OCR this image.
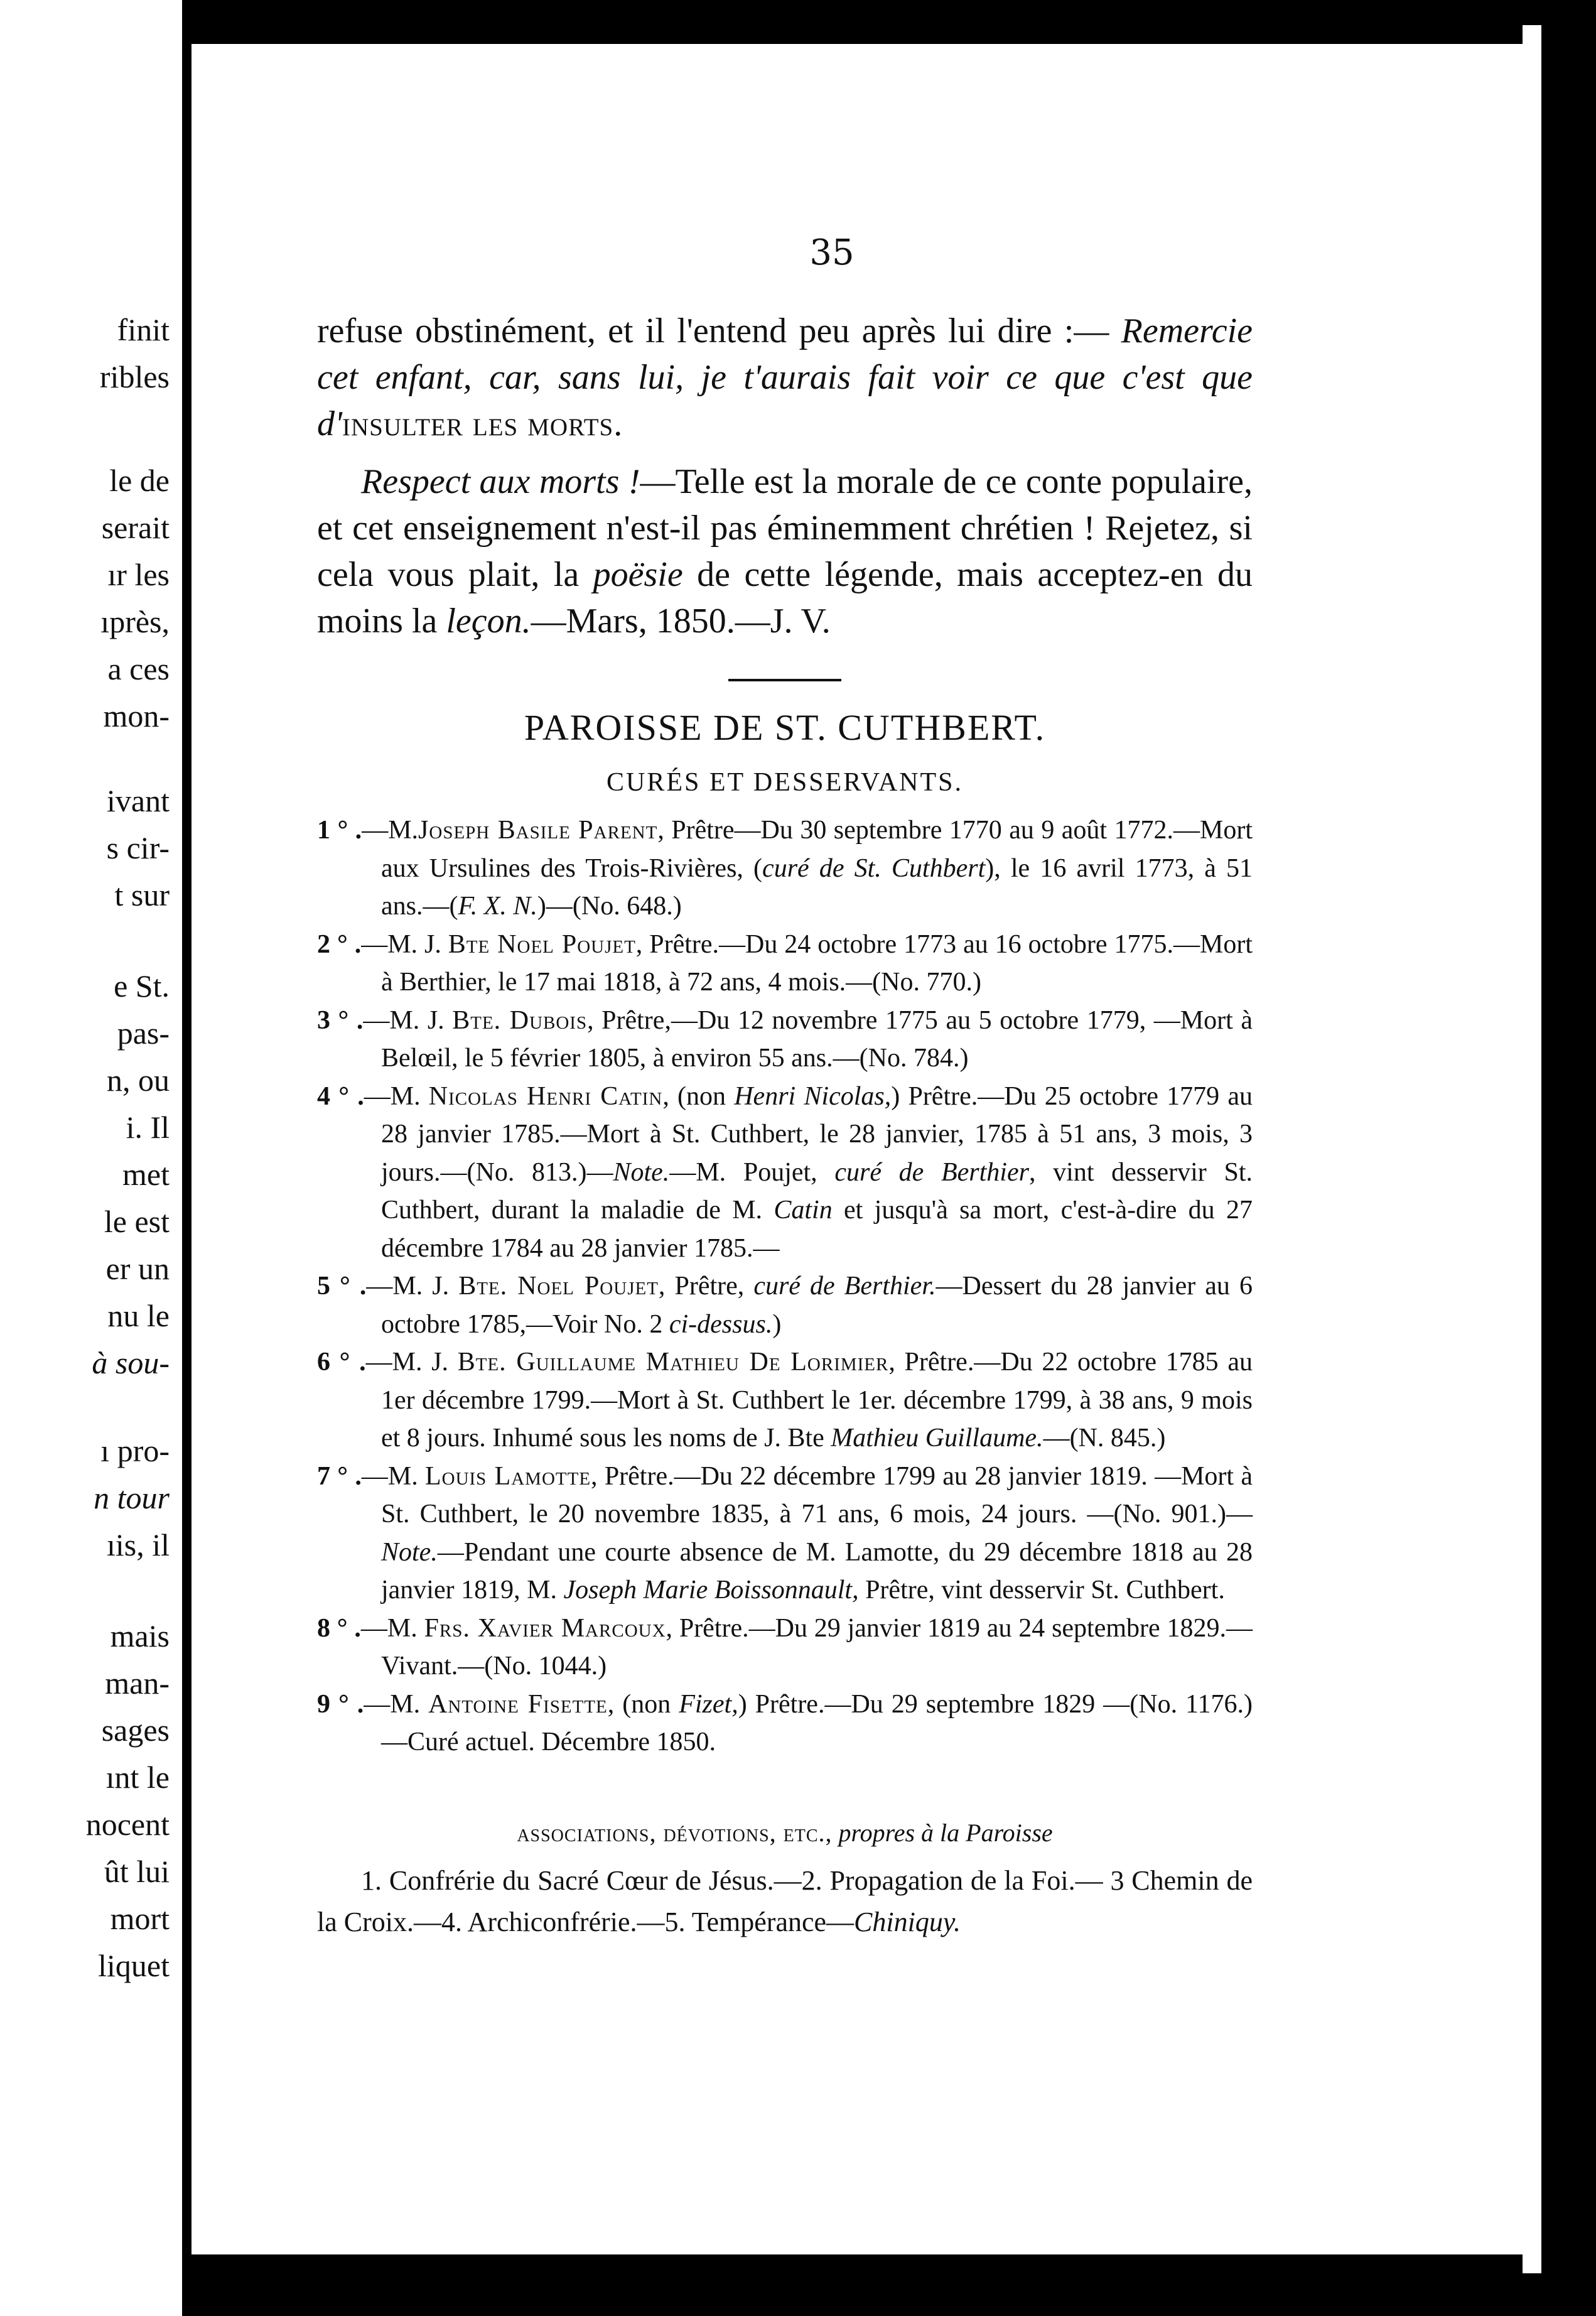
finit
ribles
le de
serait
ır les
ıprès,
a ces
mon-
ivant
s cir-
t sur
e St.
pas-
n, ou
i. Il
met
le est
er un
nu le
à sou-
ı pro-
n tour
ıis, il
mais
man-
sages
ınt le
nocent
ût lui
mort
liquet
35

refuse obstinément, et il l'entend peu après lui dire :— Remercie cet enfant, car, sans lui, je t'aurais fait voir ce que c'est que d'insulter les morts.

Respect aux morts !—Telle est la morale de ce conte populaire, et cet enseignement n'est-il pas éminemment chrétien ! Rejetez, si cela vous plait, la poësie de cette légende, mais acceptez-en du moins la leçon.—Mars, 1850.—J. V.

PAROISSE DE ST. CUTHBERT.
CURÉS ET DESSERVANTS.

1 ° .—M.Joseph Basile Parent, Prêtre—Du 30 septembre 1770 au 9 août 1772.—Mort aux Ursulines des Trois-Rivières, (curé de St. Cuthbert), le 16 avril 1773, à 51 ans.—(F. X. N.)—(No. 648.)

2 ° .—M. J. Bte Noel Poujet, Prêtre.—Du 24 octobre 1773 au 16 octobre 1775.—Mort à Berthier, le 17 mai 1818, à 72 ans, 4 mois.—(No. 770.)

3 ° .—M. J. Bte. Dubois, Prêtre,—Du 12 novembre 1775 au 5 octobre 1779, —Mort à Belœil, le 5 février 1805, à environ 55 ans.—(No. 784.)

4 ° .—M. Nicolas Henri Catin, (non Henri Nicolas,) Prêtre.—Du 25 octobre 1779 au 28 janvier 1785.—Mort à St. Cuthbert, le 28 janvier, 1785 à 51 ans, 3 mois, 3 jours.—(No. 813.)—Note.—M. Poujet, curé de Berthier, vint desservir St. Cuthbert, durant la maladie de M. Catin et jusqu'à sa mort, c'est-à-dire du 27 décembre 1784 au 28 janvier 1785.—

5 ° .—M. J. Bte. Noel Poujet, Prêtre, curé de Berthier.—Dessert du 28 janvier au 6 octobre 1785,—Voir No. 2 ci-dessus.)

6 ° .—M. J. Bte. Guillaume Mathieu De Lorimier, Prêtre.—Du 22 octobre 1785 au 1er décembre 1799.—Mort à St. Cuthbert le 1er. décembre 1799, à 38 ans, 9 mois et 8 jours. Inhumé sous les noms de J. Bte Mathieu Guillaume.—(N. 845.)

7 ° .—M. Louis Lamotte, Prêtre.—Du 22 décembre 1799 au 28 janvier 1819. —Mort à St. Cuthbert, le 20 novembre 1835, à 71 ans, 6 mois, 24 jours. —(No. 901.)—Note.—Pendant une courte absence de M. Lamotte, du 29 décembre 1818 au 28 janvier 1819, M. Joseph Marie Boissonnault, Prêtre, vint desservir St. Cuthbert.

8 ° .—M. Frs. Xavier Marcoux, Prêtre.—Du 29 janvier 1819 au 24 septembre 1829.—Vivant.—(No. 1044.)

9 ° .—M. Antoine Fisette, (non Fizet,) Prêtre.—Du 29 septembre 1829 —(No. 1176.)—Curé actuel. Décembre 1850.

associations, dévotions, etc., propres à la Paroisse

1. Confrérie du Sacré Cœur de Jésus.—2. Propagation de la Foi.— 3 Chemin de la Croix.—4. Archiconfrérie.—5. Tempérance—Chiniquy.
